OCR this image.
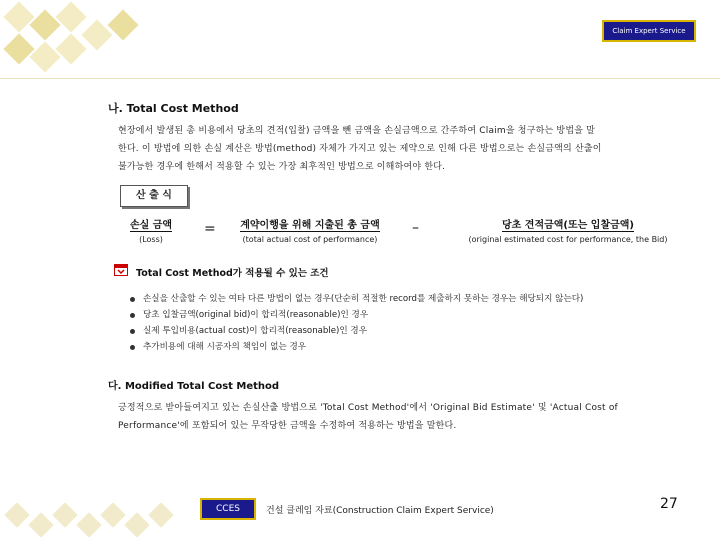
Claim Expert Service
나. Total Cost Method
현장에서 발생된 총 비용에서 당초의 견적(입찰) 금액을 뺀 금액을 손실금액으로 간주하여 Claim을 청구하는 방법을 말
한다. 이 방법에 의한 손실 계산은 방법(method) 자체가 가지고 있는 제약으로 인해 다른 방법으로는 손실금액의 산출이
불가능한 경우에 한해서 적용할 수 있는 가장 최후적인 방법으로 이해하여야 한다.
산 출 식
손실 금액
(Loss)
=	계약이행을 위해 지출된 총 금액
(total actual cost of performance)
–	당초 견적금액(또는 입찰금액)
(original estimated cost for performance, the Bid)
Total Cost Method가 적용될 수 있는 조건
손실을 산출할 수 있는 여타 다른 방법이 없는 경우(단순히 적절한 record를 제출하지 못하는 경우는 해당되지 않는다)
당초 입찰금액(original bid)이 합리적(reasonable)인 경우
실제 투입비용(actual cost)이 합리적(reasonable)인 경우
추가비용에 대해 시공자의 책임이 없는 경우
다. Modified Total Cost Method
긍정적으로 받아들여지고 있는 손실산출 방법으로 'Total Cost Method'에서 'Original Bid Estimate' 및 'Actual Cost of
Performance'에 포함되어 있는 무작당한 금액을 수정하여 적용하는 방법을 말한다.
CCES	건설 클레임 자료(Construction Claim Expert Service)	27
